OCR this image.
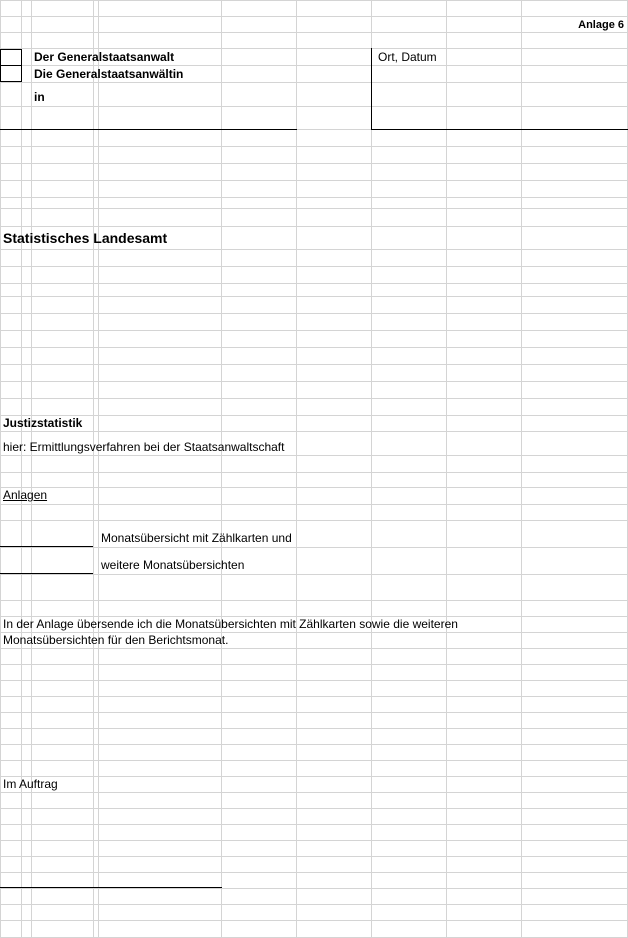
Anlage 6
Der Generalstaatsanwalt
Die Generalstaatsanwältin
in
Ort, Datum
Statistisches Landesamt
Justizstatistik
hier: Ermittlungsverfahren bei der Staatsanwaltschaft
Anlagen
Monatsübersicht mit Zählkarten und
weitere Monatsübersichten
In der Anlage übersende ich die Monatsübersichten mit Zählkarten sowie die weiteren
Monatsübersichten für den Berichtsmonat.
Im Auftrag
